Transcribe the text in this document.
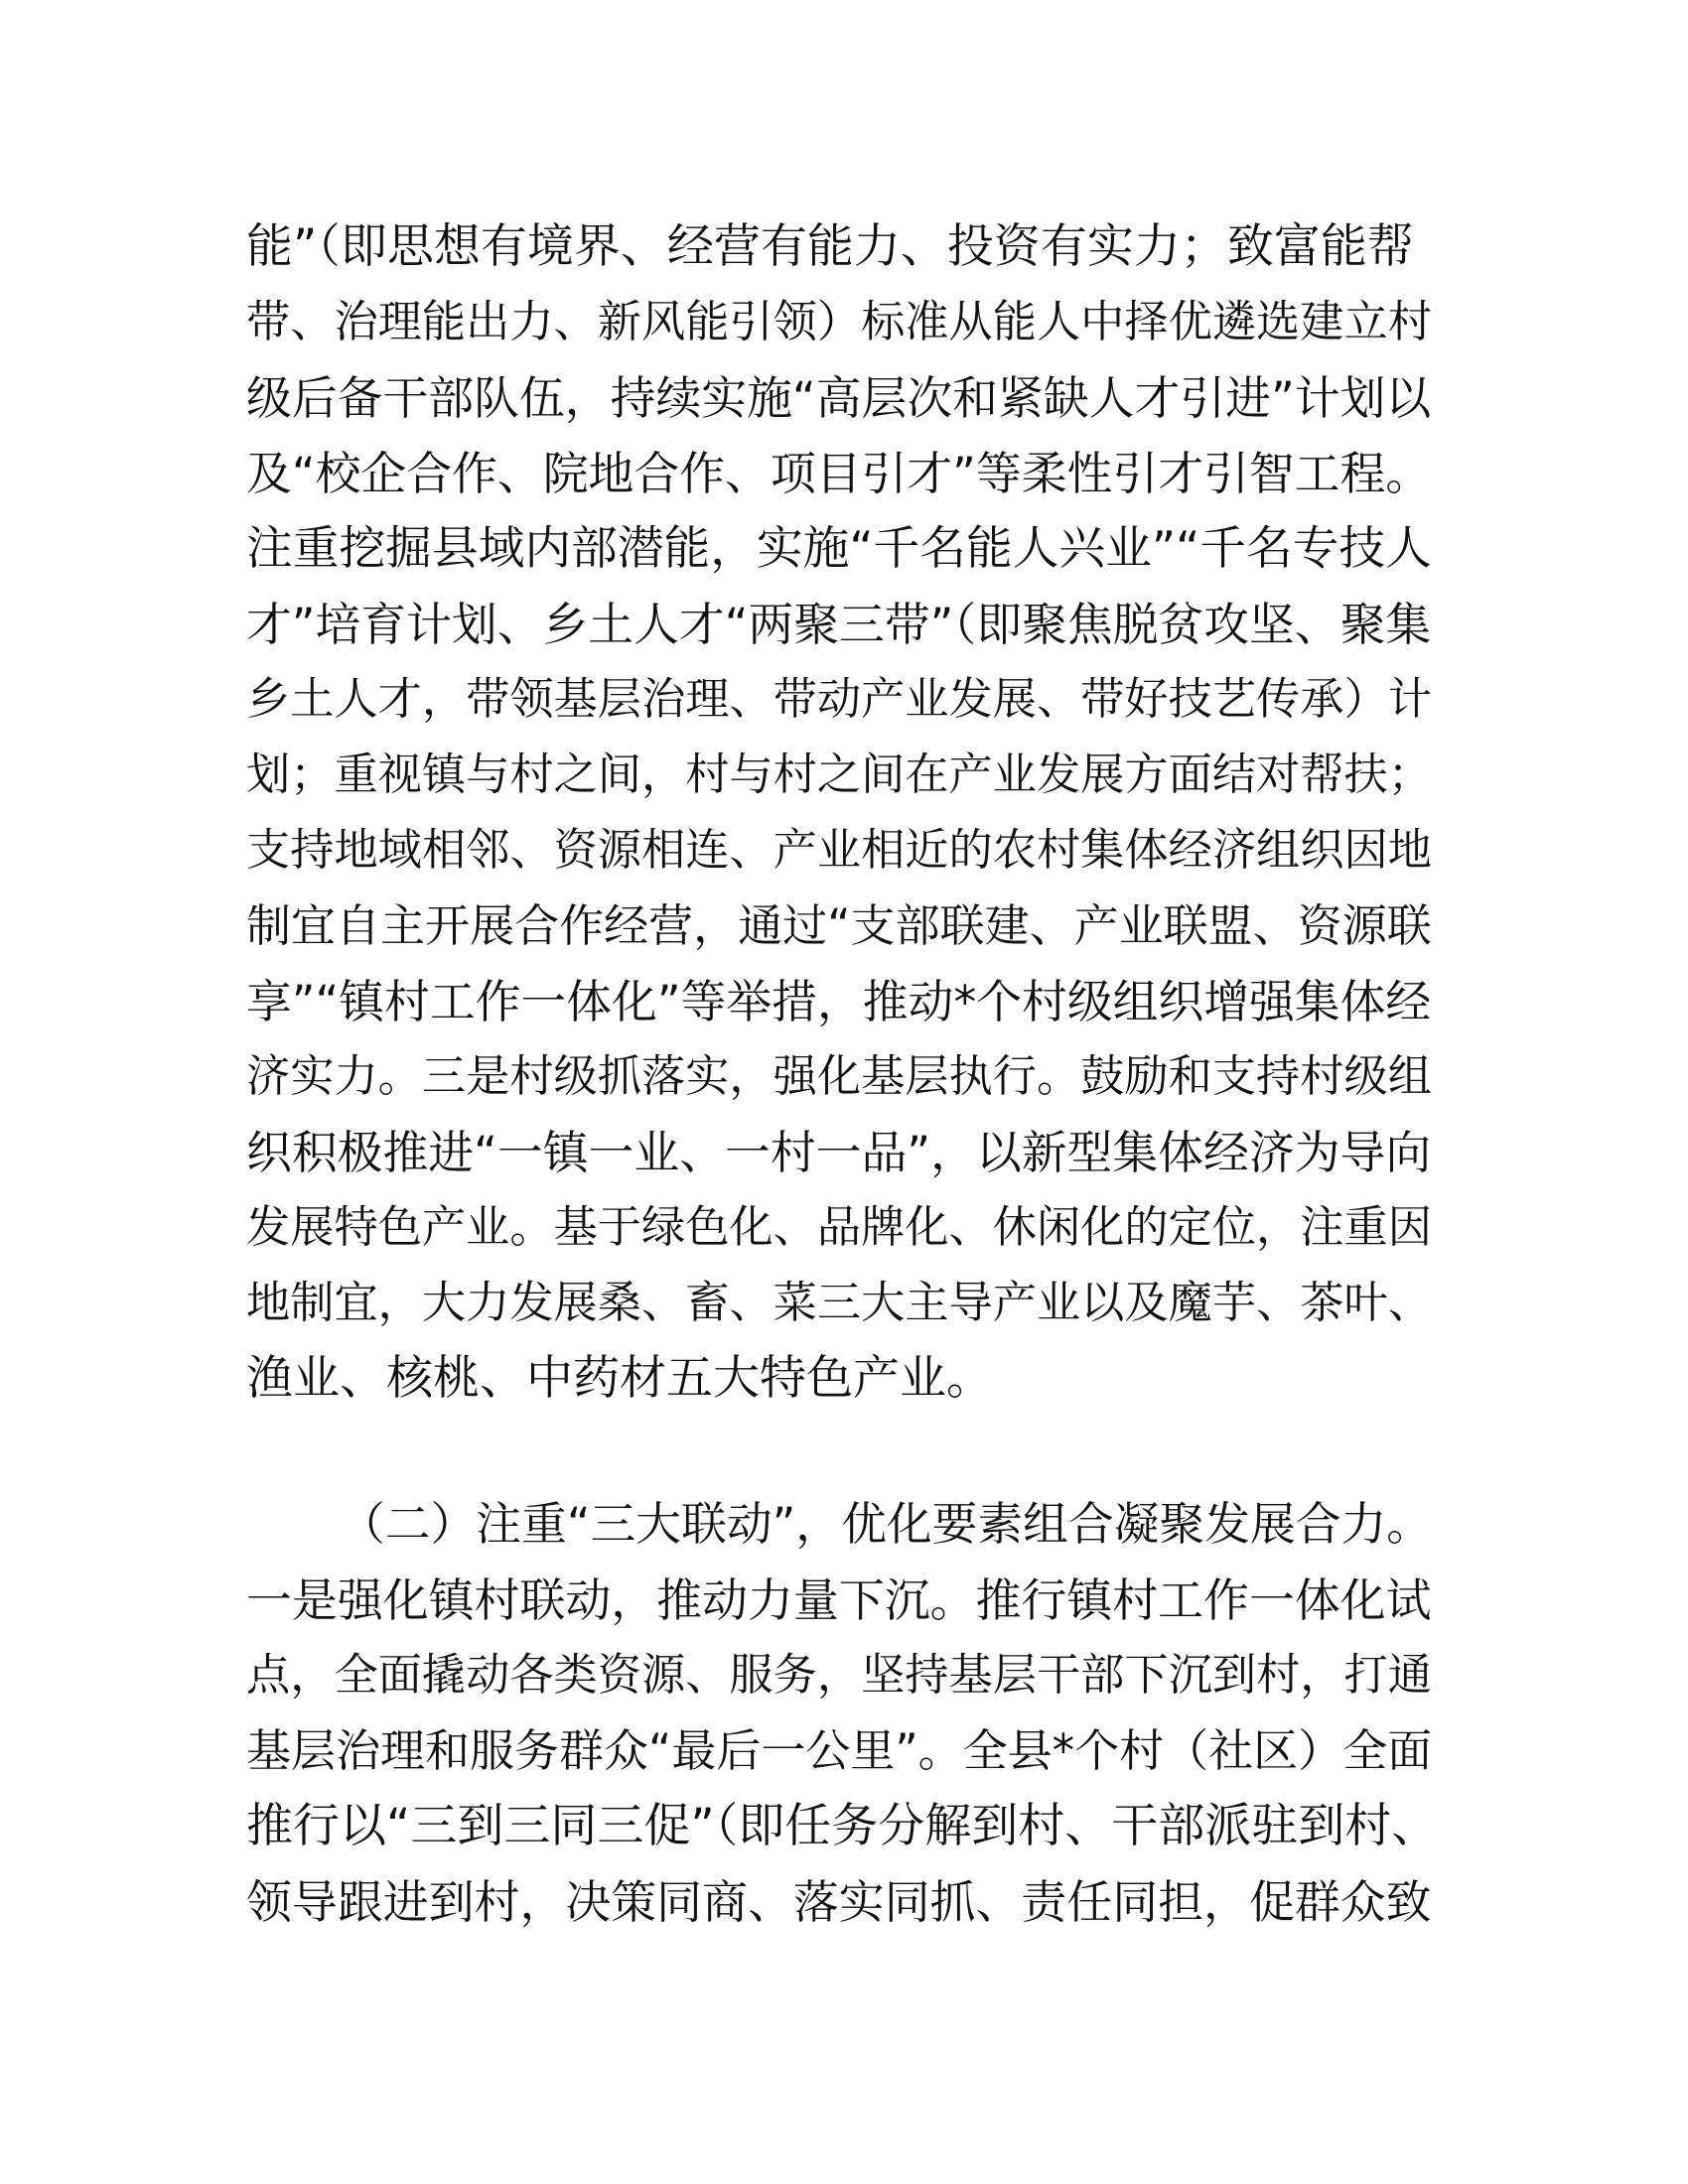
能”（即思想有境界、经营有能力、投资有实力；致富能帮
带、治理能出力、新风能引领）标准从能人中择优遴选建立村
级后备干部队伍，持续实施“高层次和紧缺人才引进”计划以
及“校企合作、院地合作、项目引才”等柔性引才引智工程。
注重挖掘县域内部潜能，实施“千名能人兴业”“千名专技人
才”培育计划、乡土人才“两聚三带”（即聚焦脱贫攻坚、聚集
乡土人才，带领基层治理、带动产业发展、带好技艺传承）计
划；重视镇与村之间，村与村之间在产业发展方面结对帮扶；
支持地域相邻、资源相连、产业相近的农村集体经济组织因地
制宜自主开展合作经营，通过“支部联建、产业联盟、资源联
享”“镇村工作一体化”等举措，推动*个村级组织增强集体经
济实力。三是村级抓落实，强化基层执行。鼓励和支持村级组
织积极推进“一镇一业、一村一品”，以新型集体经济为导向
发展特色产业。基于绿色化、品牌化、休闲化的定位，注重因
地制宜，大力发展桑、畜、菜三大主导产业以及魔芋、茶叶、
渔业、核桃、中药材五大特色产业。
（二）注重“三大联动”，优化要素组合凝聚发展合力。
一是强化镇村联动，推动力量下沉。推行镇村工作一体化试
点，全面撬动各类资源、服务，坚持基层干部下沉到村，打通
基层治理和服务群众“最后一公里”。全县*个村（社区）全面
推行以“三到三同三促”（即任务分解到村、干部派驻到村、
领导跟进到村，决策同商、落实同抓、责任同担，促群众致
